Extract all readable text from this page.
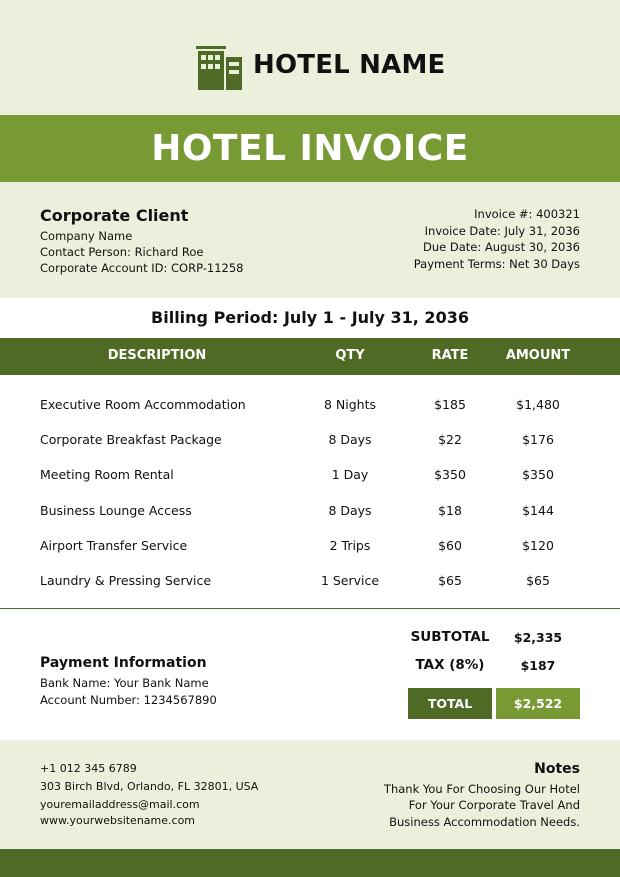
HOTEL NAME
HOTEL INVOICE
Corporate Client
Company Name
Contact Person: Richard Roe
Corporate Account ID: CORP-11258
Invoice #: 400321
Invoice Date: July 31, 2036
Due Date: August 30, 2036
Payment Terms: Net 30 Days
Billing Period: July 1 - July 31, 2036
DESCRIPTION	QTY	RATE	AMOUNT
Executive Room Accommodation	8 Nights	$185	$1,480
Corporate Breakfast Package	8 Days	$22	$176
Meeting Room Rental	1 Day	$350	$350
Business Lounge Access	8 Days	$18	$144
Airport Transfer Service	2 Trips	$60	$120
Laundry & Pressing Service	1 Service	$65	$65
SUBTOTAL	$2,335
TAX (8%)	$187
TOTAL	$2,522
Payment Information
Bank Name: Your Bank Name
Account Number: 1234567890
+1 012 345 6789
303 Birch Blvd, Orlando, FL 32801, USA
youremailaddress@mail.com
www.yourwebsitename.com
Notes
Thank You For Choosing Our Hotel
For Your Corporate Travel And
Business Accommodation Needs.
